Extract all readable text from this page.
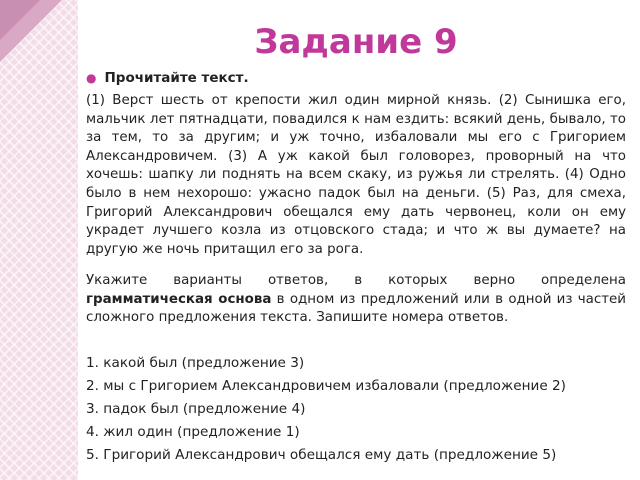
Задание 9
● Прочитайте текст.
(1) Верст шесть от крепости жил один мирной князь. (2) Сынишка его, мальчик лет пятнадцати, повадился к нам ездить: всякий день, бывало, то за тем, то за другим; и уж точно, избаловали мы его с Григорием Александровичем. (3) А уж какой был головорез, проворный на что хочешь: шапку ли поднять на всем скаку, из ружья ли стрелять. (4) Одно было в нем нехорошо: ужасно падок был на деньги. (5) Раз, для смеха, Григорий Александрович обещался ему дать червонец, коли он ему украдет лучшего козла из отцовского стада; и что ж вы думаете? на другую же ночь притащил его за рога.
Укажите варианты ответов, в которых верно определена грамматическая основа в одном из предложений или в одной из частей сложного предложения текста. Запишите номера ответов.
1. какой был (предложение 3)
2. мы с Григорием Александровичем избаловали (предложение 2)
3. падок был (предложение 4)
4. жил один (предложение 1)
5. Григорий Александрович обещался ему дать (предложение 5)
